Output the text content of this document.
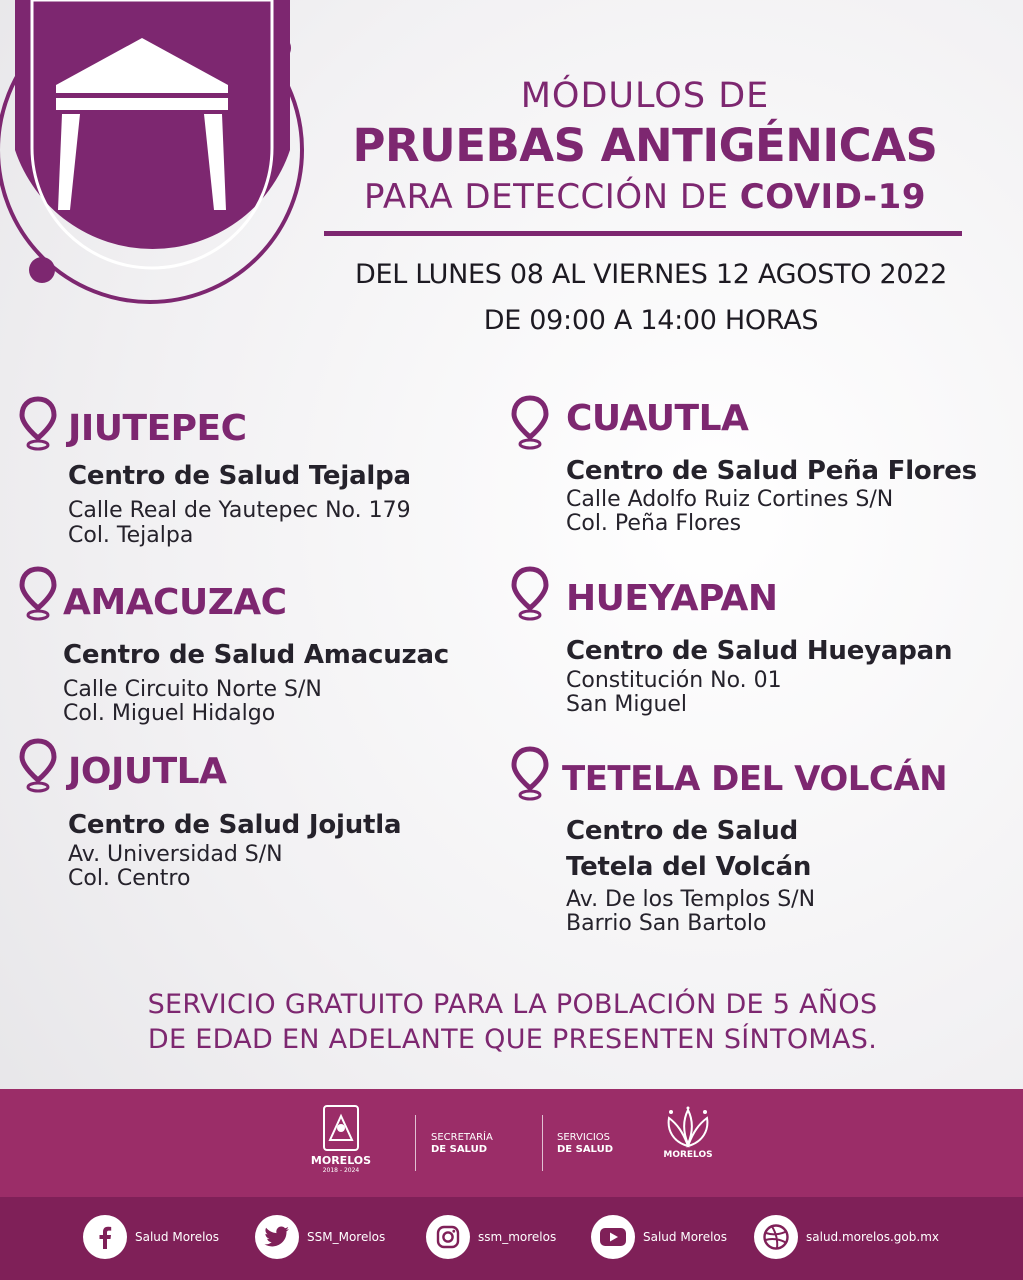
MÓDULOS DE
PRUEBAS ANTIGÉNICAS
PARA DETECCIÓN DE COVID-19
DEL LUNES 08 AL VIERNES 12 AGOSTO 2022
DE 09:00 A 14:00 HORAS
JIUTEPEC
Centro de Salud Tejalpa
Calle Real de Yautepec No. 179
Col. Tejalpa
AMACUZAC
Centro de Salud Amacuzac
Calle Circuito Norte S/N
Col. Miguel Hidalgo
JOJUTLA
Centro de Salud Jojutla
Av. Universidad S/N
Col. Centro
CUAUTLA
Centro de Salud Peña Flores
Calle Adolfo Ruiz Cortines S/N
Col. Peña Flores
HUEYAPAN
Centro de Salud Hueyapan
Constitución No. 01
San Miguel
TETELA DEL VOLCÁN
Centro de Salud
Tetela del Volcán
Av. De los Templos S/N
Barrio San Bartolo
SERVICIO GRATUITO PARA LA POBLACIÓN DE 5 AÑOS
DE EDAD EN ADELANTE QUE PRESENTEN SÍNTOMAS.
MORELOS
2018 - 2024
SECRETARÍA
DE SALUD
SERVICIOS
DE SALUD	MORELOS
Salud Morelos	SSM_Morelos	ssm_morelos	Salud Morelos	salud.morelos.gob.mx
